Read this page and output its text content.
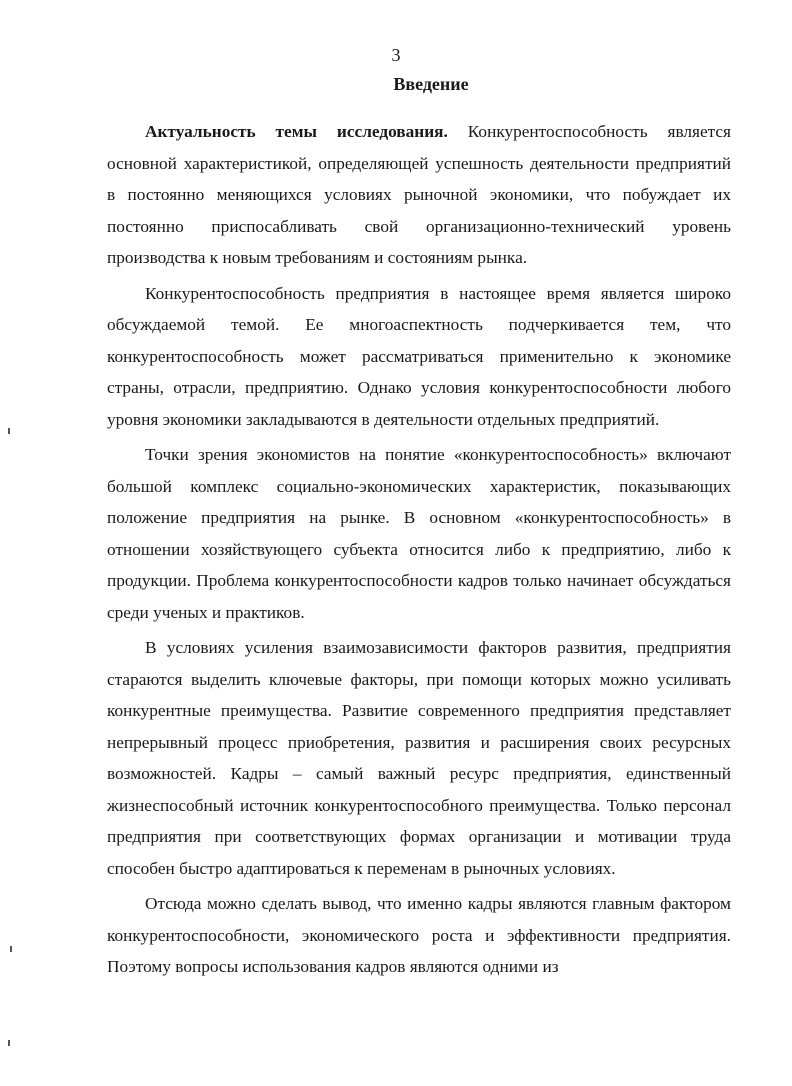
3
Введение

Актуальность темы исследования. Конкурентоспособность является основной характеристикой, определяющей успешность деятельности предприятий в постоянно меняющихся условиях рыночной экономики, что побуждает их постоянно приспосабливать свой организационно-технический уровень производства к новым требованиям и состояниям рынка.

Конкурентоспособность предприятия в настоящее время является широко обсуждаемой темой. Ее многоаспектность подчеркивается тем, что конкурентоспособность может рассматриваться применительно к экономике страны, отрасли, предприятию. Однако условия конкурентоспособности любого уровня экономики закладываются в деятельности отдельных предприятий.

Точки зрения экономистов на понятие «конкурентоспособность» включают большой комплекс социально-экономических характеристик, показывающих положение предприятия на рынке. В основном «конкурентоспособность» в отношении хозяйствующего субъекта относится либо к предприятию, либо к продукции. Проблема конкурентоспособности кадров только начинает обсуждаться среди ученых и практиков.

В условиях усиления взаимозависимости факторов развития, предприятия стараются выделить ключевые факторы, при помощи которых можно усиливать конкурентные преимущества. Развитие современного предприятия представляет непрерывный процесс приобретения, развития и расширения своих ресурсных возможностей. Кадры – самый важный ресурс предприятия, единственный жизнеспособный источник конкурентоспособного преимущества. Только персонал предприятия при соответствующих формах организации и мотивации труда способен быстро адаптироваться к переменам в рыночных условиях.

Отсюда можно сделать вывод, что именно кадры являются главным фактором конкурентоспособности, экономического роста и эффективности предприятия. Поэтому вопросы использования кадров являются одними из
